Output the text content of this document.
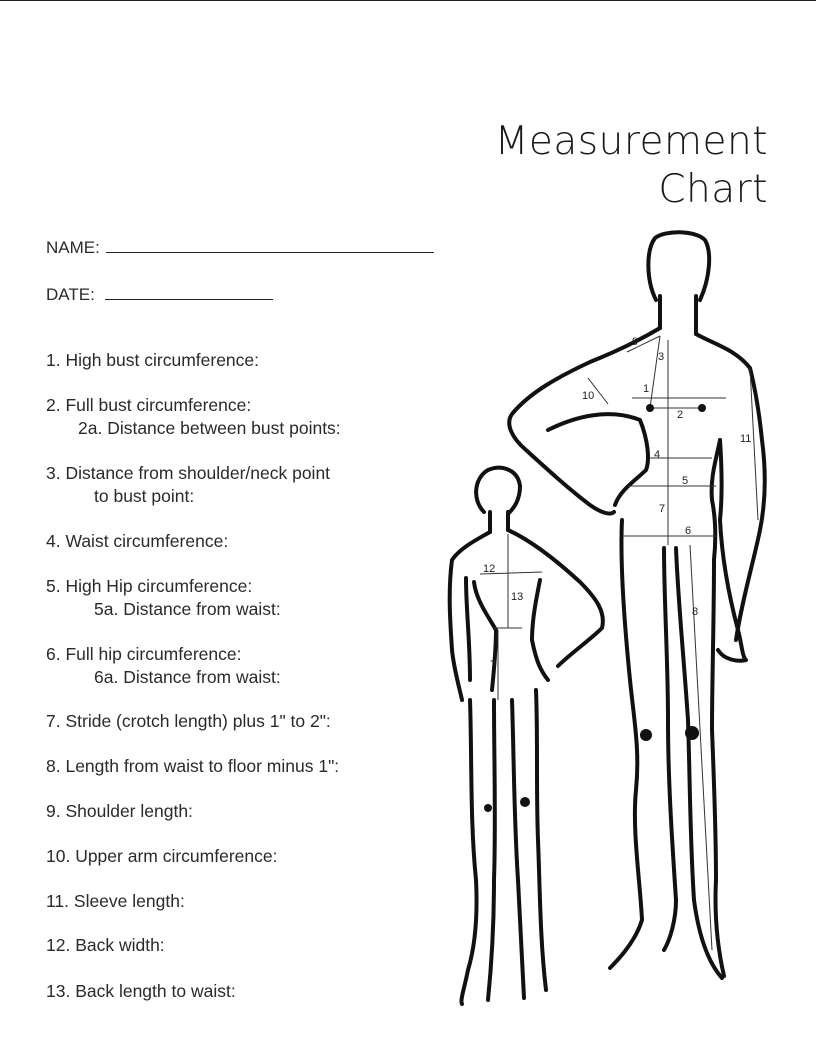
Measurement
Chart
NAME:
DATE:
1. High bust circumference:
2. Full bust circumference:
2a. Distance between bust points:
3. Distance from shoulder/neck point
to bust point:
4. Waist circumference:
5. High Hip circumference:
5a. Distance from waist:
6. Full hip circumference:
6a. Distance from waist:
7. Stride (crotch length) plus 1" to 2":
8. Length from waist to floor minus 1":
9. Shoulder length:
10. Upper arm circumference:
11. Sleeve length:
12. Back width:
13. Back length to waist:
1
2
3
4
5
6
7
8
9
10
11
12
13
7
